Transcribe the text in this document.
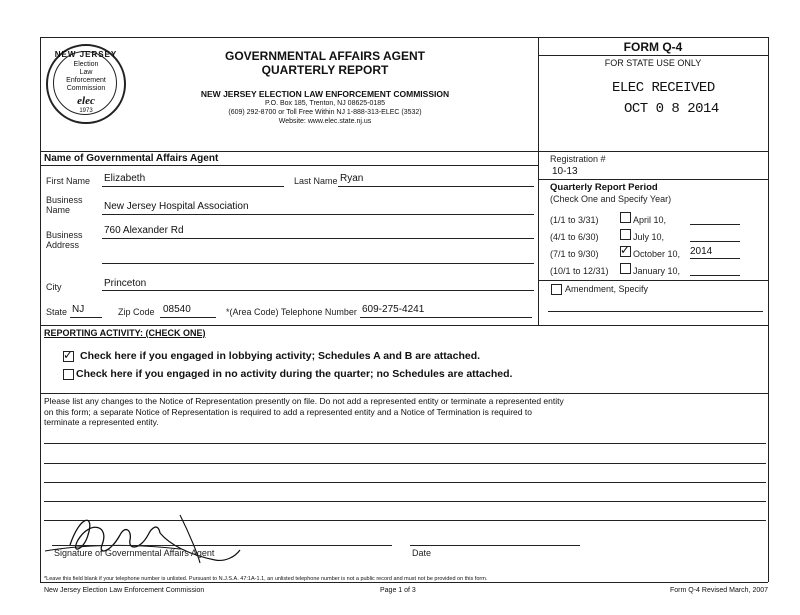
NEW JERSEY
Election
Law
Enforcement
Commission
elec
1973
GOVERNMENTAL AFFAIRS AGENT
QUARTERLY REPORT
NEW JERSEY ELECTION LAW ENFORCEMENT COMMISSION
P.O. Box 185, Trenton, NJ 08625-0185
(609) 292-8700 or Toll Free Within NJ 1-888-313-ELEC (3532)
Website: www.elec.state.nj.us
FORM Q-4
FOR STATE USE ONLY
ELEC RECEIVED
OCT 0 8 2014
Name of Governmental Affairs Agent
First Name Elizabeth	Last Name Ryan
Business
Name	New Jersey Hospital Association
Business
Address
760 Alexander Rd
City	Princeton
State NJ	Zip Code 08540	*(Area Code) Telephone Number 609-275-4241
Registration #
10-13
Quarterly Report Period
(Check One and Specify Year)
(1/1 to 3/31)	April 10,
(4/1 to 6/30)	July 10,
(7/1 to 9/30) ✓ October 10, 2014
(10/1 to 12/31)	January 10,
Amendment, Specify
REPORTING ACTIVITY: (CHECK ONE)
✓ Check here if you engaged in lobbying activity; Schedules A and B are attached.
Check here if you engaged in no activity during the quarter; no Schedules are attached.
Please list any changes to the Notice of Representation presently on file. Do not add a represented entity or terminate a represented entity on this form; a separate Notice of Representation is required to add a represented entity and a Notice of Termination is required to terminate a represented entity.
Signature of Governmental Affairs Agent	Date
*Leave this field blank if your telephone number is unlisted. Pursuant to N.J.S.A. 47:1A-1.1, an unlisted telephone number is not a public record and must not be provided on this form.
New Jersey Election Law Enforcement Commission	Page 1 of 3	Form Q-4 Revised March, 2007
